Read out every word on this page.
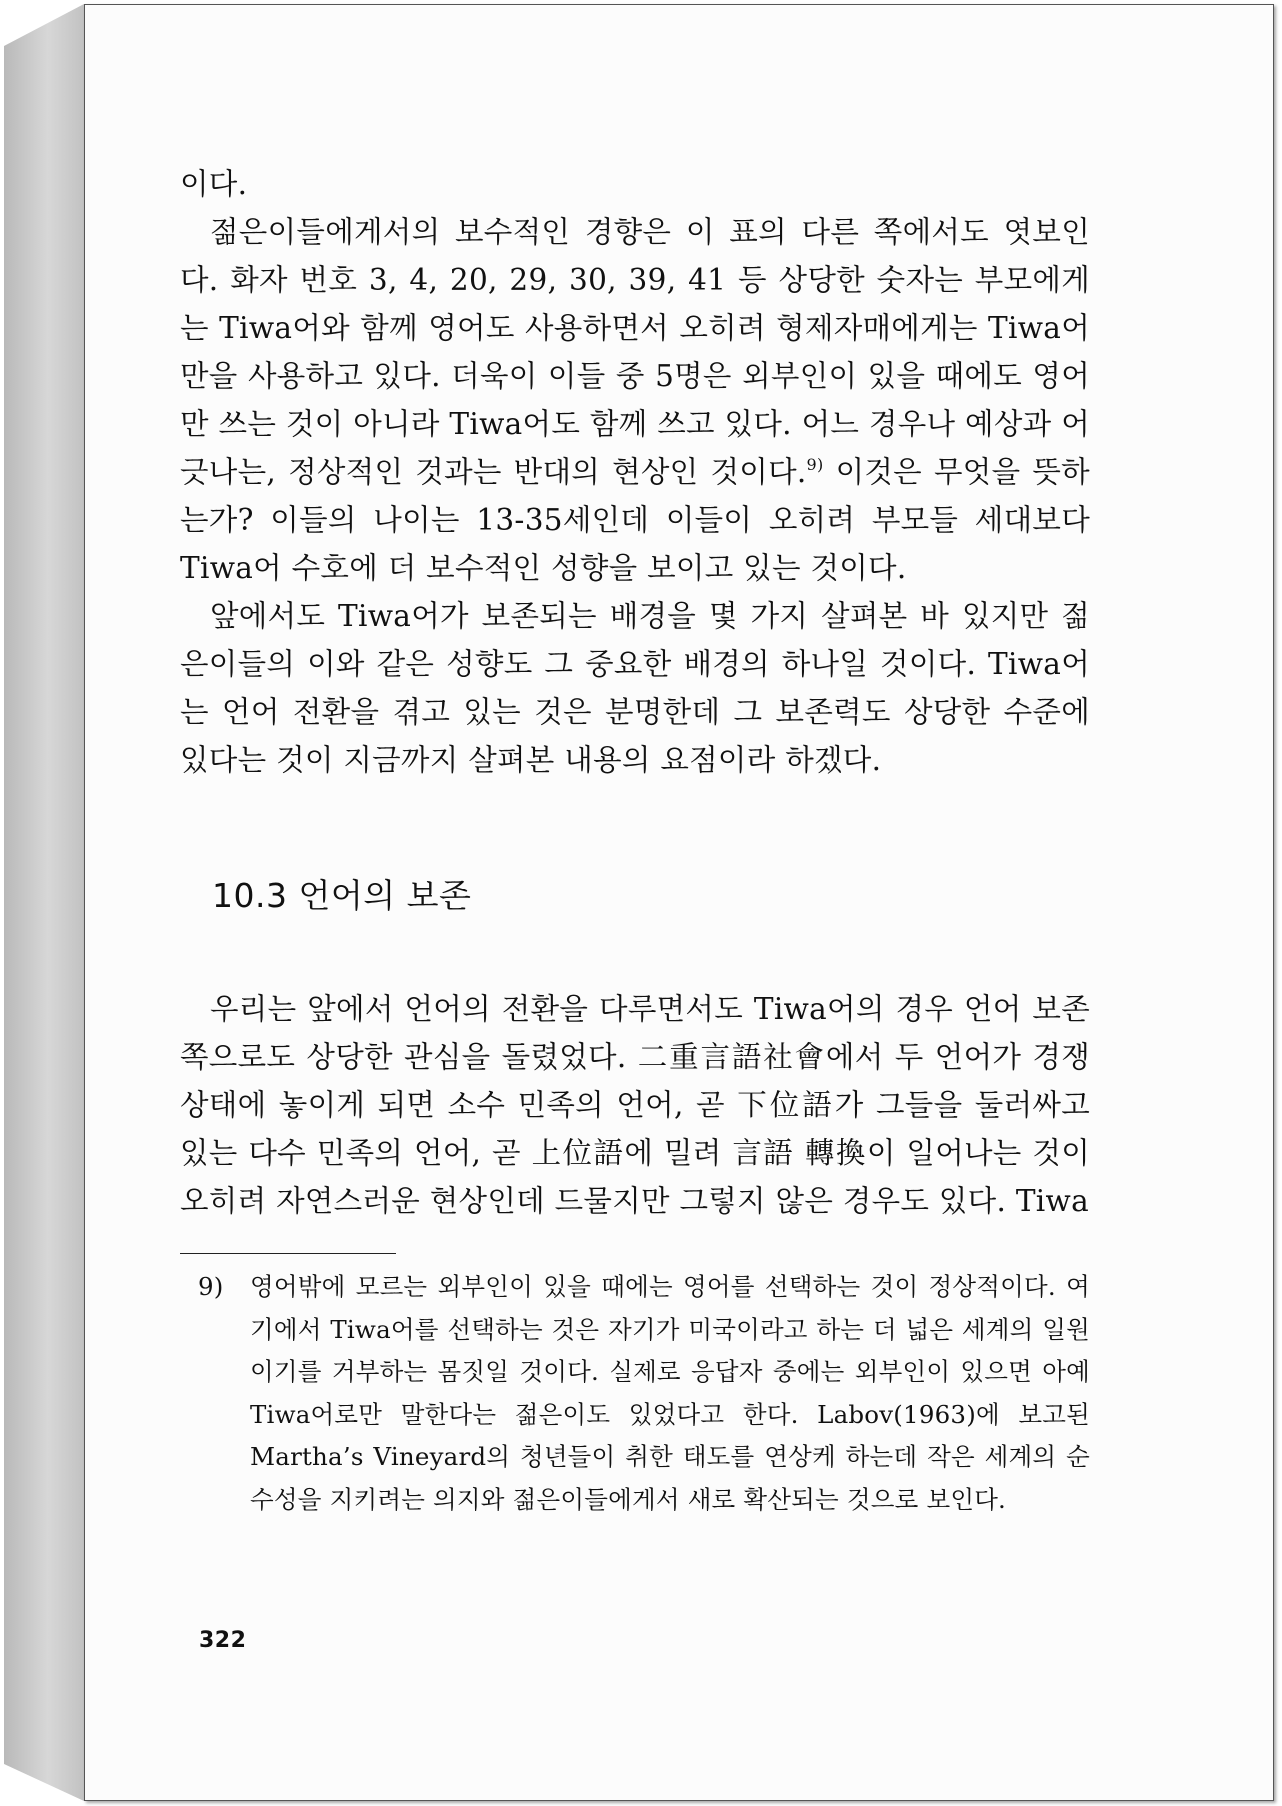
이다.

젊은이들에게서의 보수적인 경향은 이 표의 다른 쪽에서도 엿보인다. 화자 번호 3, 4, 20, 29, 30, 39, 41 등 상당한 숫자는 부모에게는 Tiwa어와 함께 영어도 사용하면서 오히려 형제자매에게는 Tiwa어만을 사용하고 있다. 더욱이 이들 중 5명은 외부인이 있을 때에도 영어만 쓰는 것이 아니라 Tiwa어도 함께 쓰고 있다. 어느 경우나 예상과 어긋나는, 정상적인 것과는 반대의 현상인 것이다.$^{9)}$ 이것은 무엇을 뜻하는가? 이들의 나이는 13-35세인데 이들이 오히려 부모들 세대보다 Tiwa어 수호에 더 보수적인 성향을 보이고 있는 것이다.

앞에서도 Tiwa어가 보존되는 배경을 몇 가지 살펴본 바 있지만 젊은이들의 이와 같은 성향도 그 중요한 배경의 하나일 것이다. Tiwa어는 언어 전환을 겪고 있는 것은 분명한데 그 보존력도 상당한 수준에 있다는 것이 지금까지 살펴본 내용의 요점이라 하겠다.

10.3 언어의 보존

우리는 앞에서 언어의 전환을 다루면서도 Tiwa어의 경우 언어 보존 쪽으로도 상당한 관심을 돌렸었다. 二重言語社會에서 두 언어가 경쟁 상태에 놓이게 되면 소수 민족의 언어, 곧 下位語가 그들을 둘러싸고 있는 다수 민족의 언어, 곧 上位語에 밀려 言語 轉換이 일어나는 것이 오히려 자연스러운 현상인데 드물지만 그렇지 않은 경우도 있다. Tiwa

9) 영어밖에 모르는 외부인이 있을 때에는 영어를 선택하는 것이 정상적이다. 여기에서 Tiwa어를 선택하는 것은 자기가 미국이라고 하는 더 넓은 세계의 일원이기를 거부하는 몸짓일 것이다. 실제로 응답자 중에는 외부인이 있으면 아예 Tiwa어로만 말한다는 젊은이도 있었다고 한다. Labov(1963)에 보고된 Martha’s Vineyard의 청년들이 취한 태도를 연상케 하는데 작은 세계의 순수성을 지키려는 의지와 젊은이들에게서 새로 확산되는 것으로 보인다.

322
